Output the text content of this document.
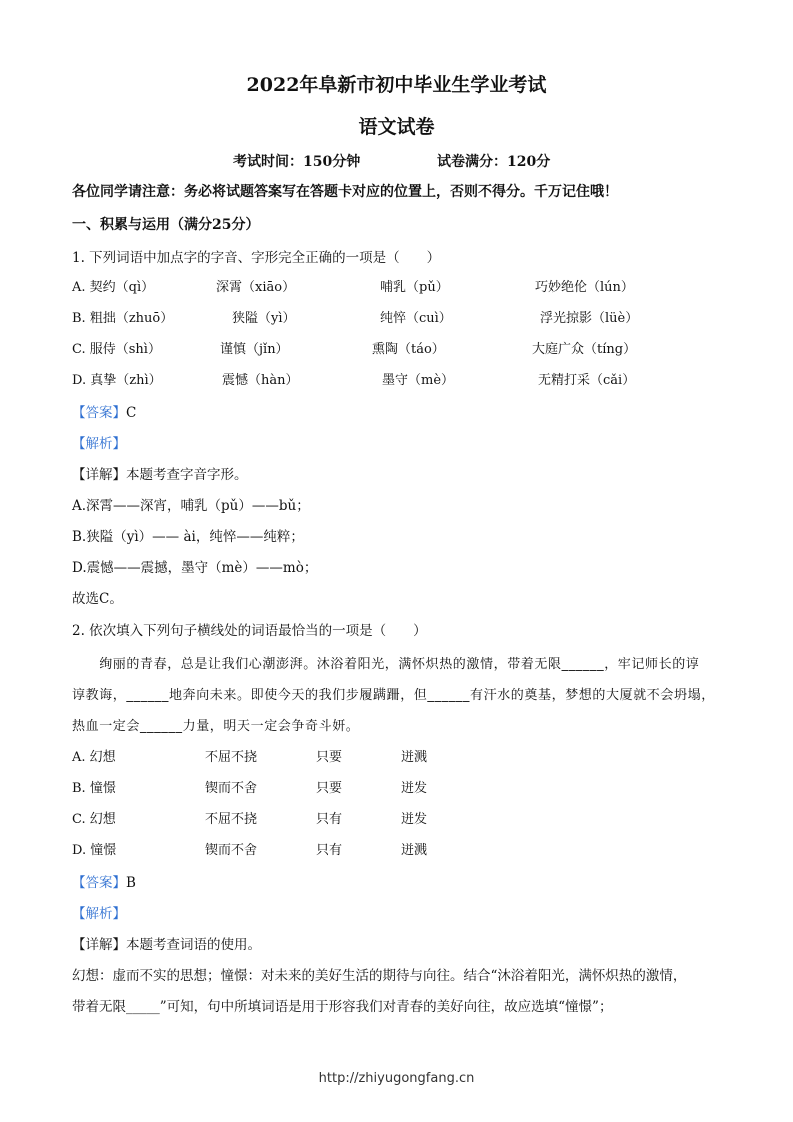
2022年阜新市初中毕业生学业考试
语文试卷
考试时间：150分钟	试卷满分：120分
各位同学请注意：务必将试题答案写在答题卡对应的位置上，否则不得分。千万记住哦！
一、积累与运用（满分25分）
1. 下列词语中加点字的字音、字形完全正确的一项是（　　）
A. 契约（qì）	深霄（xiāo）	哺乳（pǔ）	巧妙绝伦（lún）
B. 粗拙（zhuō）	狭隘（yì）	纯悴（cuì）	浮光掠影（lüè）
C. 服侍（shì）	谨慎（jǐn）	熏陶（táo）	大庭广众（tíng）
D. 真挚（zhì）	震憾（hàn）	墨守（mè）	无精打采（cǎi）
【答案】C
【解析】
【详解】本题考查字音字形。
A.深霄——深宵，哺乳（pǔ）——bǔ；
B.狭隘（yì）—— ài，纯悴——纯粹；
D.震憾——震撼，墨守（mè）——mò；
故选C。
2. 依次填入下列句子横线处的词语最恰当的一项是（　　）
　　绚丽的青春，总是让我们心潮澎湃。沐浴着阳光，满怀炽热的激情，带着无限______，牢记师长的谆
谆教诲，______地奔向未来。即使今天的我们步履蹒跚，但______有汗水的奠基，梦想的大厦就不会坍塌，
热血一定会______力量，明天一定会争奇斗妍。
A. 幻想	不屈不挠	只要	迸溅
B. 憧憬	锲而不舍	只要	迸发
C. 幻想	不屈不挠	只有	迸发
D. 憧憬	锲而不舍	只有	迸溅
【答案】B
【解析】
【详解】本题考查词语的使用。
幻想：虚而不实的思想；憧憬：对未来的美好生活的期待与向往。结合“沐浴着阳光，满怀炽热的激情，
带着无限_____”可知，句中所填词语是用于形容我们对青春的美好向往，故应选填“憧憬”；
http://zhiyugongfang.cn
